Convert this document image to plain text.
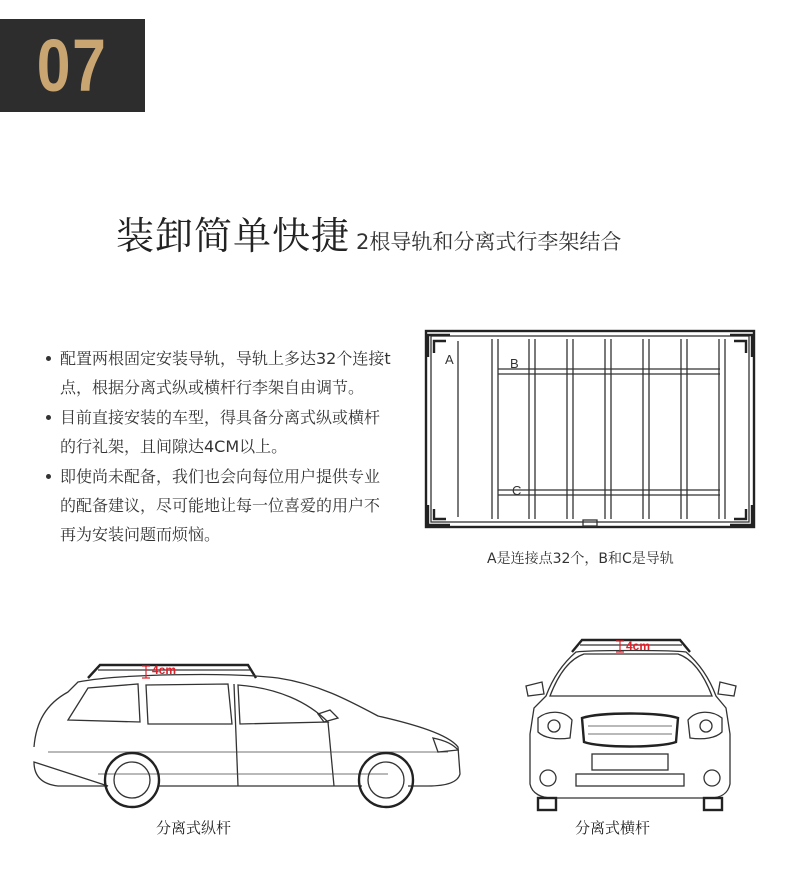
07
装卸简单快捷 2根导轨和分离式行李架结合
配置两根固定安装导轨，导轨上多达32个连接t点，根据分离式纵或横杆行李架自由调节。
目前直接安装的车型，得具备分离式纵或横杆的行礼架，且间隙达4CM以上。
即使尚未配备，我们也会向每位用户提供专业的配备建议，尽可能地让每一位喜爱的用户不再为安装问题而烦恼。
A	B
C
A是连接点32个，B和C是导轨
4cm
分离式纵杆
4cm
分离式横杆
